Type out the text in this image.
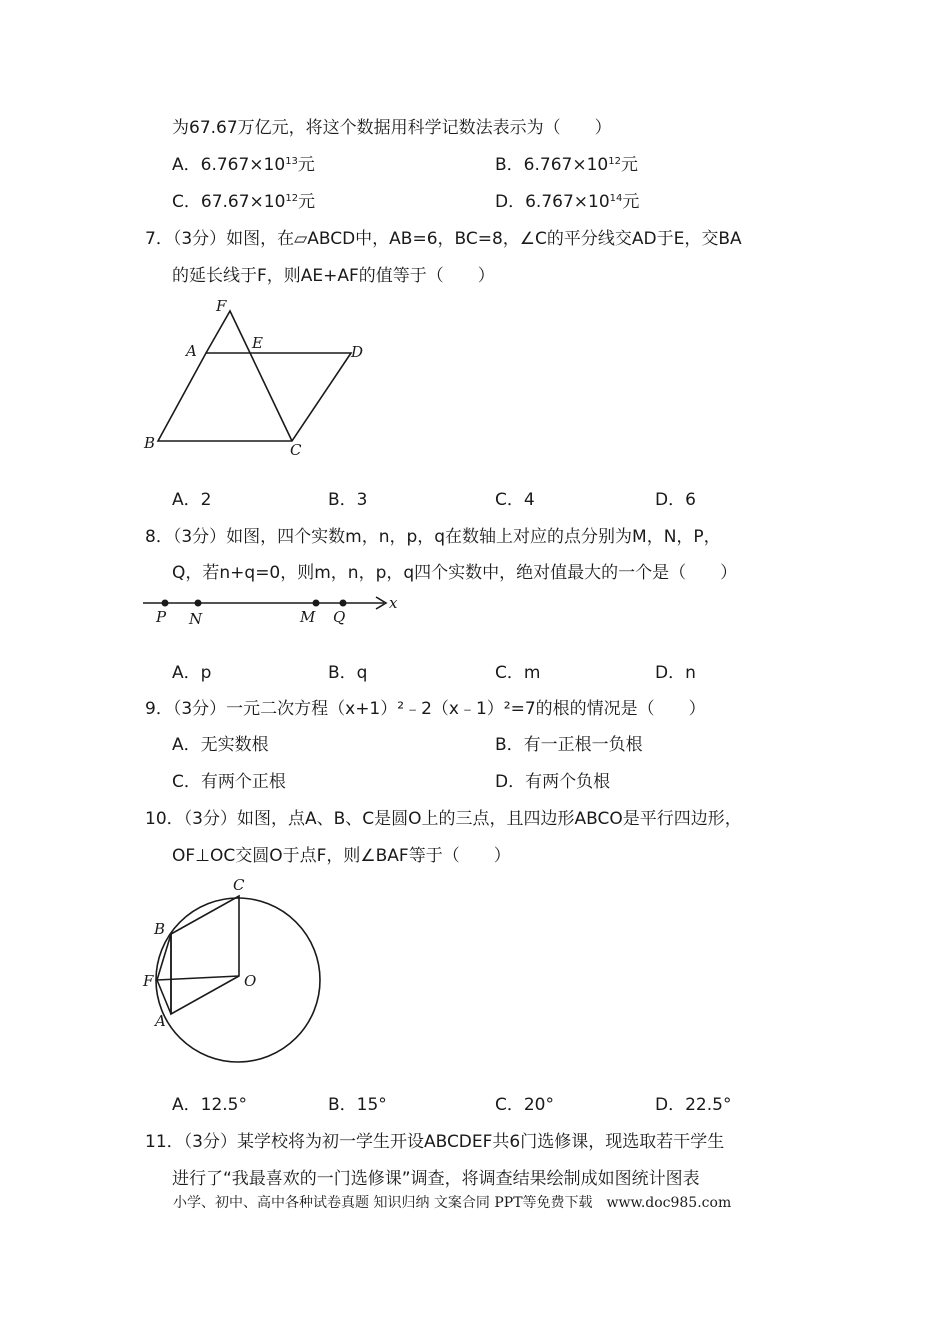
为67.67万亿元，将这个数据用科学记数法表示为（　　）
A．$6.767\times 10^{13}$元	B．$6.767\times 10^{12}$元
C．$67.67\times 10^{12}$元	D．$6.767\times 10^{14}$元
7．（3分）如图，在▱ABCD中，AB=6，BC=8，∠C的平分线交AD于E，交BA
的延长线于F，则AE+AF的值等于（　　）
F
A	E	D
B	C
A．2	B．3	C．4	D．6
8．（3分）如图，四个实数m，n，p，q在数轴上对应的点分别为M，N，P，
Q，若n+q=0，则m，n，p，q四个实数中，绝对值最大的一个是（　　）
x
P N	M Q
A．p	B．q	C．m	D．n
9．（3分）一元二次方程（x+1）²﹣2（x﹣1）²=7的根的情况是（　　）
A．无实数根	B．有一正根一负根
C．有两个正根	D．有两个负根
10．（3分）如图，点A、B、C是圆O上的三点，且四边形ABCO是平行四边形，
OF⊥OC交圆O于点F，则∠BAF等于（　　）
C
B
F	O
A
A．12.5°	B．15°	C．20°	D．22.5°
11．（3分）某学校将为初一学生开设ABCDEF共6门选修课，现选取若干学生
进行了“我最喜欢的一门选修课”调查，将调查结果绘制成如图统计图表
小学、初中、高中各种试卷真题 知识归纳 文案合同 PPT等免费下载　www.doc985.com
